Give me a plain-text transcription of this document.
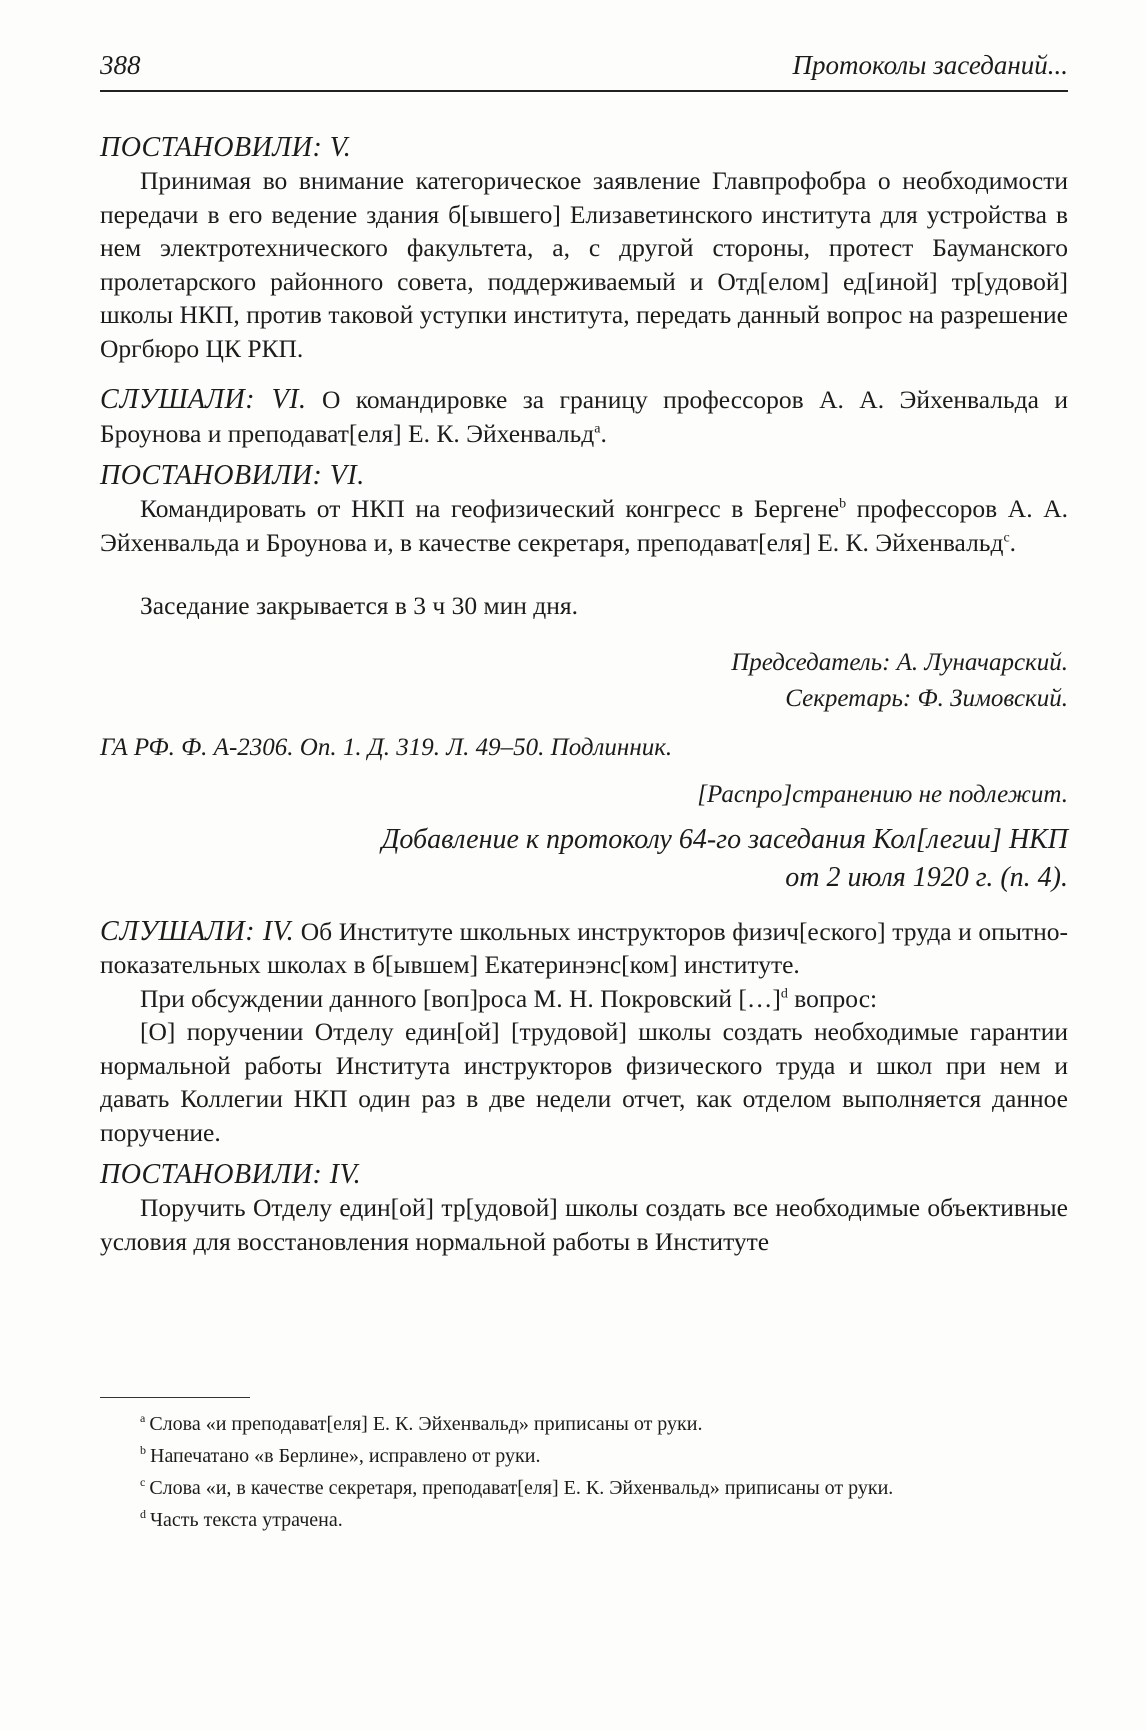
388	Протоколы заседаний...
ПОСТАНОВИЛИ: V.

Принимая во внимание категорическое заявление Главпрофобра о необходимости передачи в его ведение здания б[ывшего] Елизаветинского института для устройства в нем электротехнического факультета, а, с другой стороны, протест Бауманского пролетарского районного совета, поддерживаемый и Отд[елом] ед[иной] тр[удовой] школы НКП, против таковой уступки института, передать данный вопрос на разрешение Оргбюро ЦК РКП.

СЛУШАЛИ: VI. О командировке за границу профессоров А. А. Эйхенвальда и Броунова и преподават[еля] Е. К. Эйхенвальд$^a$.

ПОСТАНОВИЛИ: VI.

Командировать от НКП на геофизический конгресс в Бергене$^b$ профессоров А. А. Эйхенвальда и Броунова и, в качестве секретаря, преподават[еля] Е. К. Эйхенвальд$^c$.

Заседание закрывается в 3 ч 30 мин дня.

Председатель: А. Луначарский.
Секретарь: Ф. Зимовский.
ГА РФ. Ф. А-2306. Оп. 1. Д. 319. Л. 49–50. Подлинник.
[Распро]странению не подлежит.
Добавление к протоколу 64-го заседания Кол[легии] НКП
от 2 июля 1920 г. (п. 4).

СЛУШАЛИ: IV. Об Институте школьных инструкторов физич[еского] труда и опытно-показательных школах в б[ывшем] Екатеринэнс[ком] институте.

При обсуждении данного [воп]роса М. Н. Покровский […]$^d$ вопрос:

[О] поручении Отделу един[ой] [трудовой] школы создать необходимые гарантии нормальной работы Института инструкторов физического труда и школ при нем и давать Коллегии НКП один раз в две недели отчет, как отделом выполняется данное поручение.

ПОСТАНОВИЛИ: IV.

Поручить Отделу един[ой] тр[удовой] школы создать все необходимые объективные условия для восстановления нормальной работы в Институте

$^a$ Слова «и преподават[еля] Е. К. Эйхенвальд» приписаны от руки.

$^b$ Напечатано «в Берлине», исправлено от руки.

$^c$ Слова «и, в качестве секретаря, преподават[еля] Е. К. Эйхенвальд» приписаны от руки.

$^d$ Часть текста утрачена.
